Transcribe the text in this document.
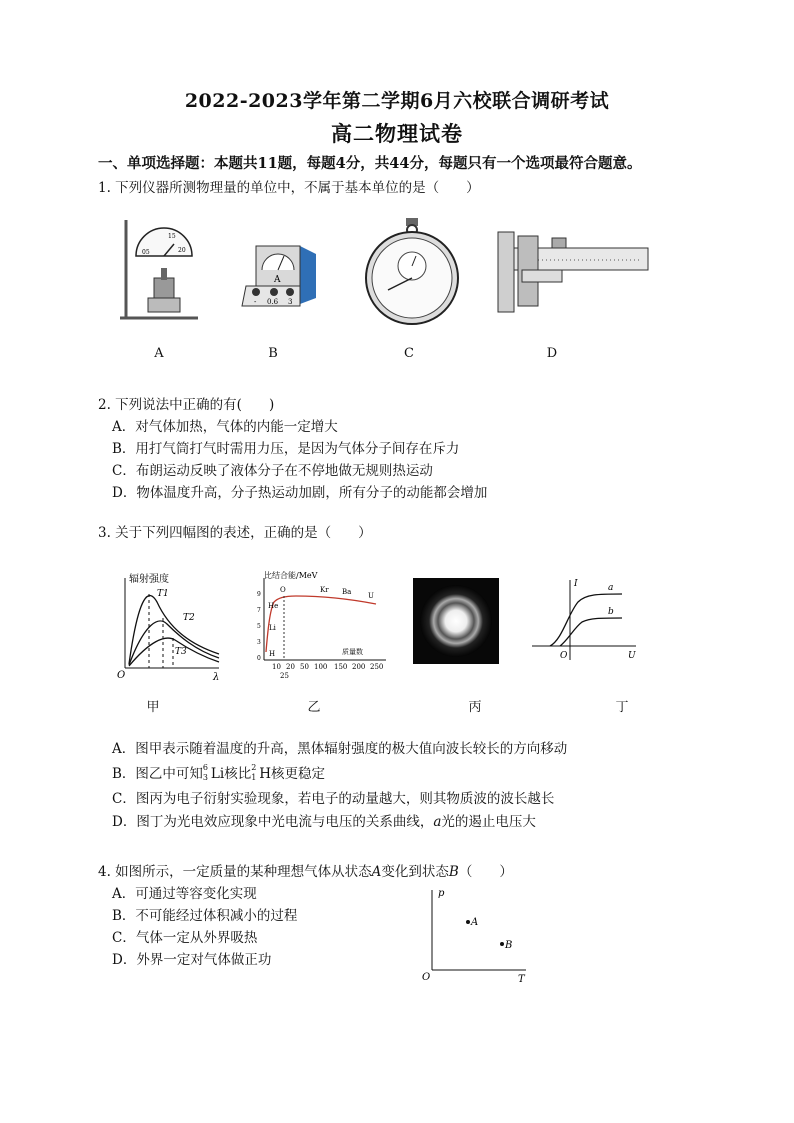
2022-2023学年第二学期6月六校联合调研考试
高二物理试卷
一、单项选择题：本题共11题，每题4分，共44分，每题只有一个选项最符合题意。
1. 下列仪器所测物理量的单位中，不属于基本单位的是（　　）
05
15
20
A
A
- 0.6 3
B	C	D
2. 下列说法中正确的有(　　)
A．对气体加热，气体的内能一定增大
B．用打气筒打气时需用力压，是因为气体分子间存在斥力
C．布朗运动反映了液体分子在不停地做无规则热运动
D．物体温度升高，分子热运动加剧，所有分子的动能都会增加
3. 关于下列四幅图的表述，正确的是（　　）
辐射强度
T1
T2
T3
O	λ
甲
比结合能/MeV
9
7
5
3
0
He
O	Kr Ba U
Li
H
10 20 50 100 150 200 250
25
质量数
乙	丙
I	a
b
O	U
丁
A．图甲表示随着温度的升高，黑体辐射强度的极大值向波长较长的方向移动
B．图乙中可知 6
3 Li核比 2
1 H核更稳定
C．图丙为电子衍射实验现象，若电子的动量越大，则其物质波的波长越长
D．图丁为光电效应现象中光电流与电压的关系曲线，a光的遏止电压大
4. 如图所示，一定质量的某种理想气体从状态A变化到状态B（　　）
A．可通过等容变化实现
B．不可能经过体积减小的过程
C．气体一定从外界吸热
D．外界一定对气体做正功
p
A
B
O	T
